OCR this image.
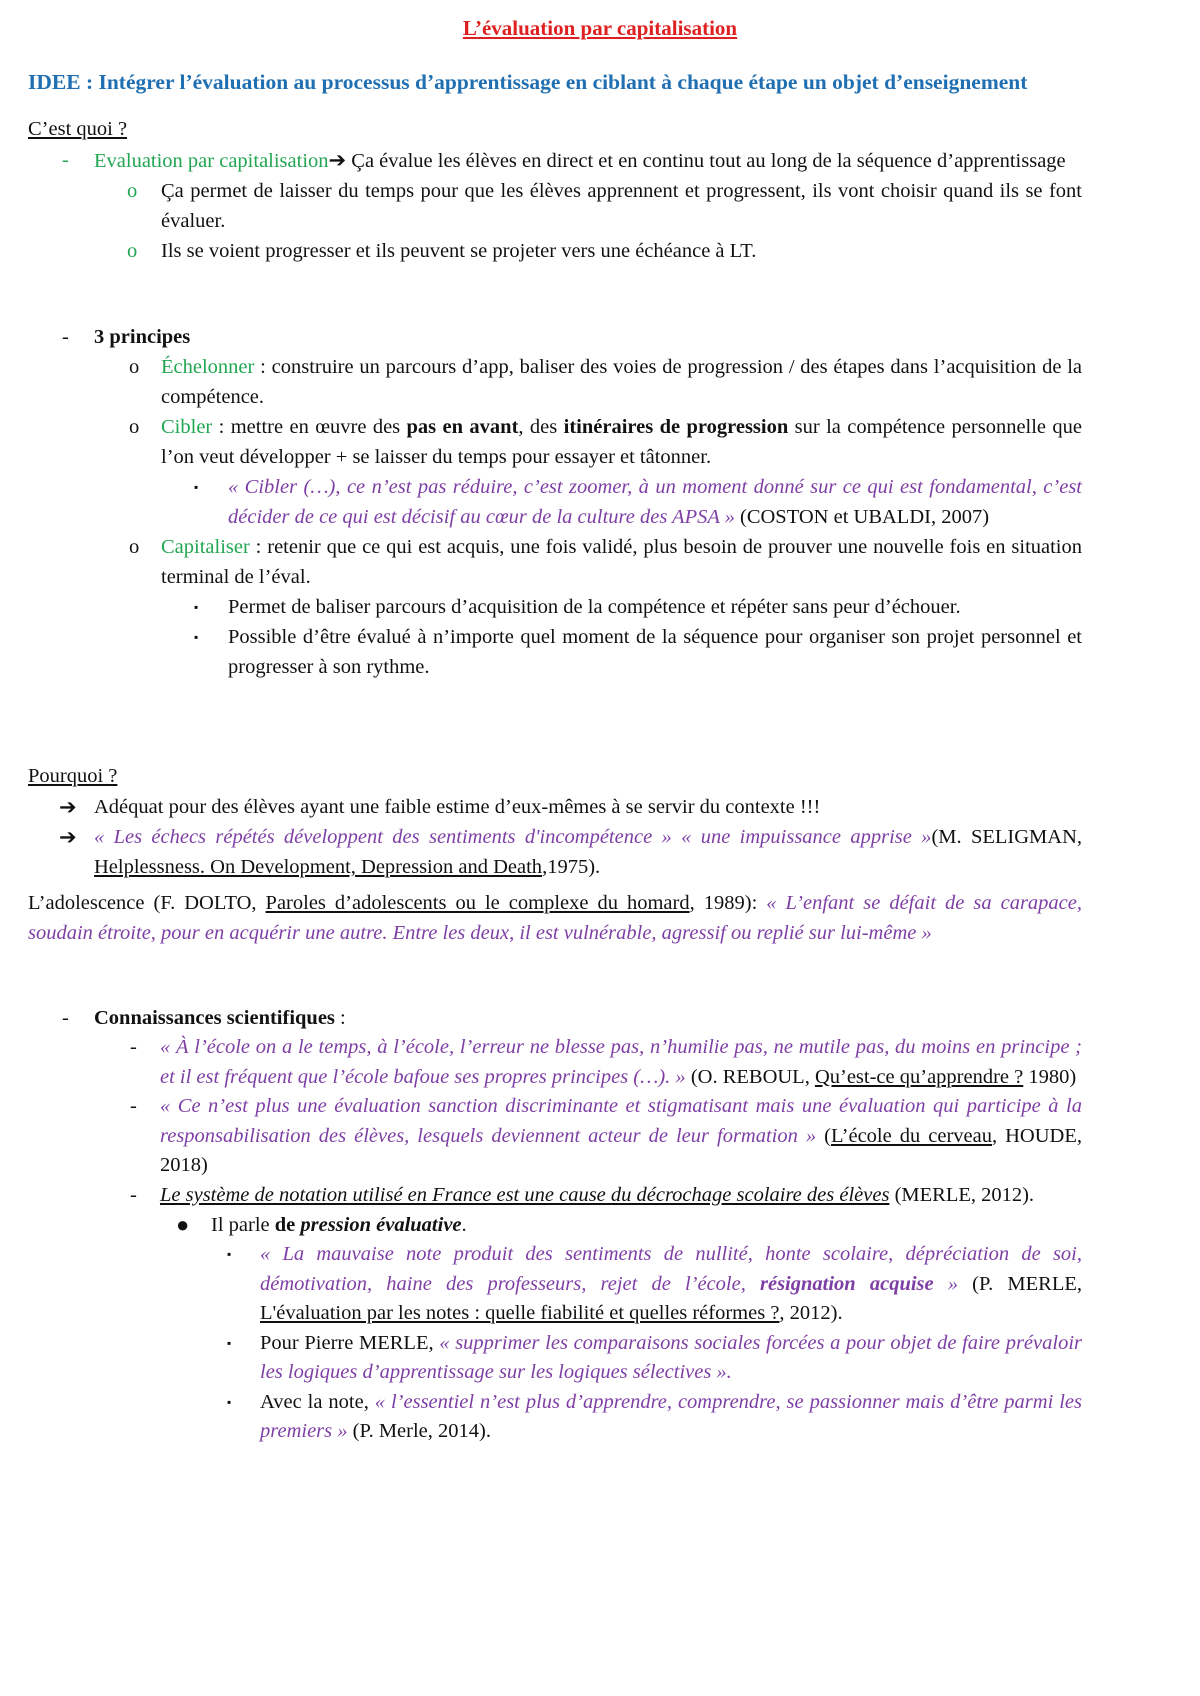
L’évaluation par capitalisation
IDEE : Intégrer l’évaluation au processus d’apprentissage en ciblant à chaque étape un objet d’enseignement
C’est quoi ?
- Evaluation par capitalisation➔ Ça évalue les élèves en direct et en continu tout au long de la séquence d’apprentissage
o Ça permet de laisser du temps pour que les élèves apprennent et progressent, ils vont choisir quand ils se font évaluer.
o Ils se voient progresser et ils peuvent se projeter vers une échéance à LT.
- 3 principes
o Échelonner : construire un parcours d’app, baliser des voies de progression / des étapes dans l’acquisition de la compétence.
o Cibler : mettre en œuvre des pas en avant, des itinéraires de progression sur la compétence personnelle que l’on veut développer + se laisser du temps pour essayer et tâtonner.
▪ « Cibler (…), ce n’est pas réduire, c’est zoomer, à un moment donné sur ce qui est fondamental, c’est décider de ce qui est décisif au cœur de la culture des APSA » (COSTON et UBALDI, 2007)
o Capitaliser : retenir que ce qui est acquis, une fois validé, plus besoin de prouver une nouvelle fois en situation terminal de l’éval.
▪ Permet de baliser parcours d’acquisition de la compétence et répéter sans peur d’échouer.
▪ Possible d’être évalué à n’importe quel moment de la séquence pour organiser son projet personnel et progresser à son rythme.
Pourquoi ?
➔ Adéquat pour des élèves ayant une faible estime d’eux-mêmes à se servir du contexte !!!
➔ « Les échecs répétés développent des sentiments d'incompétence » « une impuissance apprise »(M. SELIGMAN, Helplessness. On Development, Depression and Death,1975).
L’adolescence (F. DOLTO, Paroles d’adolescents ou le complexe du homard, 1989): « L’enfant se défait de sa carapace, soudain étroite, pour en acquérir une autre. Entre les deux, il est vulnérable, agressif ou replié sur lui-même »
- Connaissances scientifiques :
- « À l’école on a le temps, à l’école, l’erreur ne blesse pas, n’humilie pas, ne mutile pas, du moins en principe ; et il est fréquent que l’école bafoue ses propres principes (…). » (O. REBOUL, Qu’est-ce qu’apprendre ? 1980)
- « Ce n’est plus une évaluation sanction discriminante et stigmatisant mais une évaluation qui participe à la responsabilisation des élèves, lesquels deviennent acteur de leur formation » (L’école du cerveau, HOUDE, 2018)
- Le système de notation utilisé en France est une cause du décrochage scolaire des élèves (MERLE, 2012).
● Il parle de pression évaluative.
▪ « La mauvaise note produit des sentiments de nullité, honte scolaire, dépréciation de soi, démotivation, haine des professeurs, rejet de l’école, résignation acquise » (P. MERLE, L'évaluation par les notes : quelle fiabilité et quelles réformes ?, 2012).
▪ Pour Pierre MERLE, « supprimer les comparaisons sociales forcées a pour objet de faire prévaloir les logiques d’apprentissage sur les logiques sélectives ».
▪ Avec la note, « l’essentiel n’est plus d’apprendre, comprendre, se passionner mais d’être parmi les premiers » (P. Merle, 2014).
